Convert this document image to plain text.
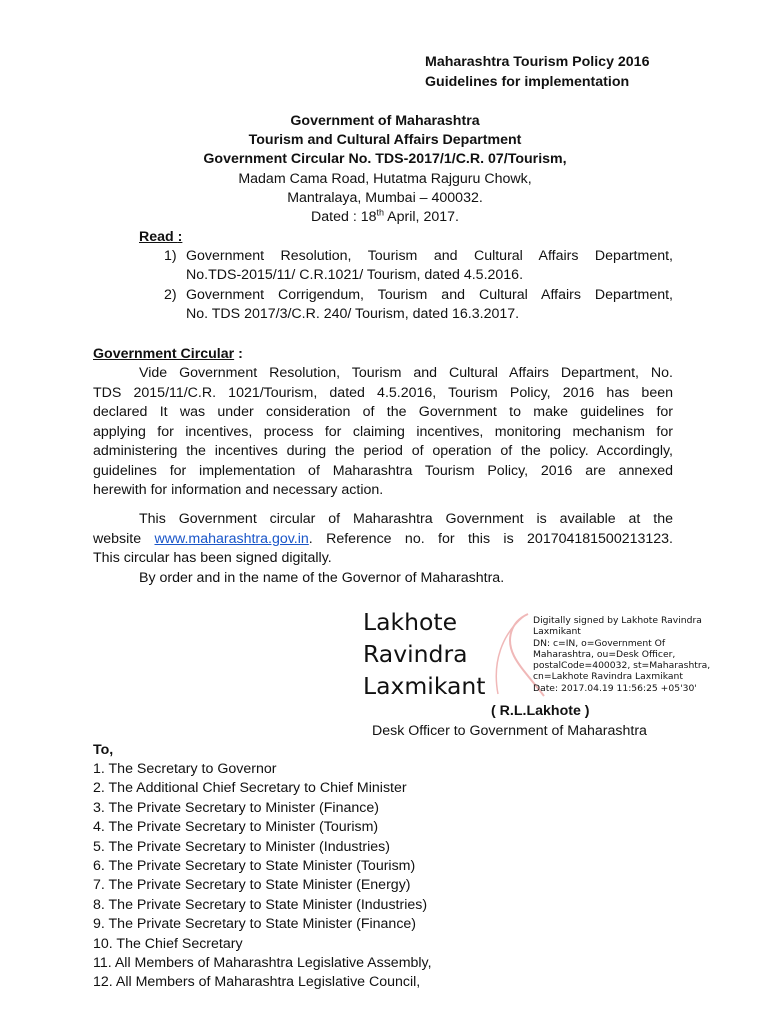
Maharashtra Tourism Policy 2016
Guidelines for implementation
Government of Maharashtra
Tourism and Cultural Affairs Department
Government Circular No. TDS-2017/1/C.R. 07/Tourism,
Madam Cama Road, Hutatma Rajguru Chowk,
Mantralaya, Mumbai – 400032.
Dated : 18th April, 2017.
Read :
1) Government Resolution, Tourism and Cultural Affairs Department,
No.TDS-2015/11/ C.R.1021/ Tourism, dated 4.5.2016.
2) Government Corrigendum, Tourism and Cultural Affairs Department,
No. TDS 2017/3/C.R. 240/ Tourism, dated 16.3.2017.
Government Circular :
Vide Government Resolution, Tourism and Cultural Affairs Department, No.
TDS 2015/11/C.R. 1021/Tourism, dated 4.5.2016, Tourism Policy, 2016 has been
declared It was under consideration of the Government to make guidelines for
applying for incentives, process for claiming incentives, monitoring mechanism for
administering the incentives during the period of operation of the policy. Accordingly,
guidelines for implementation of Maharashtra Tourism Policy, 2016 are annexed
herewith for information and necessary action.
This Government circular of Maharashtra Government is available at the
website www.maharashtra.gov.in. Reference no. for this is 201704181500213123.
This circular has been signed digitally.
By order and in the name of the Governor of Maharashtra.
Lakhote
Ravindra
Laxmikant
Digitally signed by Lakhote Ravindra
Laxmikant
DN: c=IN, o=Government Of
Maharashtra, ou=Desk Officer,
postalCode=400032, st=Maharashtra,
cn=Lakhote Ravindra Laxmikant
Date: 2017.04.19 11:56:25 +05'30'
( R.L.Lakhote )
Desk Officer to Government of Maharashtra
To,
1. The Secretary to Governor
2. The Additional Chief Secretary to Chief Minister
3. The Private Secretary to Minister (Finance)
4. The Private Secretary to Minister (Tourism)
5. The Private Secretary to Minister (Industries)
6. The Private Secretary to State Minister (Tourism)
7. The Private Secretary to State Minister (Energy)
8. The Private Secretary to State Minister (Industries)
9. The Private Secretary to State Minister (Finance)
10. The Chief Secretary
11. All Members of Maharashtra Legislative Assembly,
12. All Members of Maharashtra Legislative Council,
